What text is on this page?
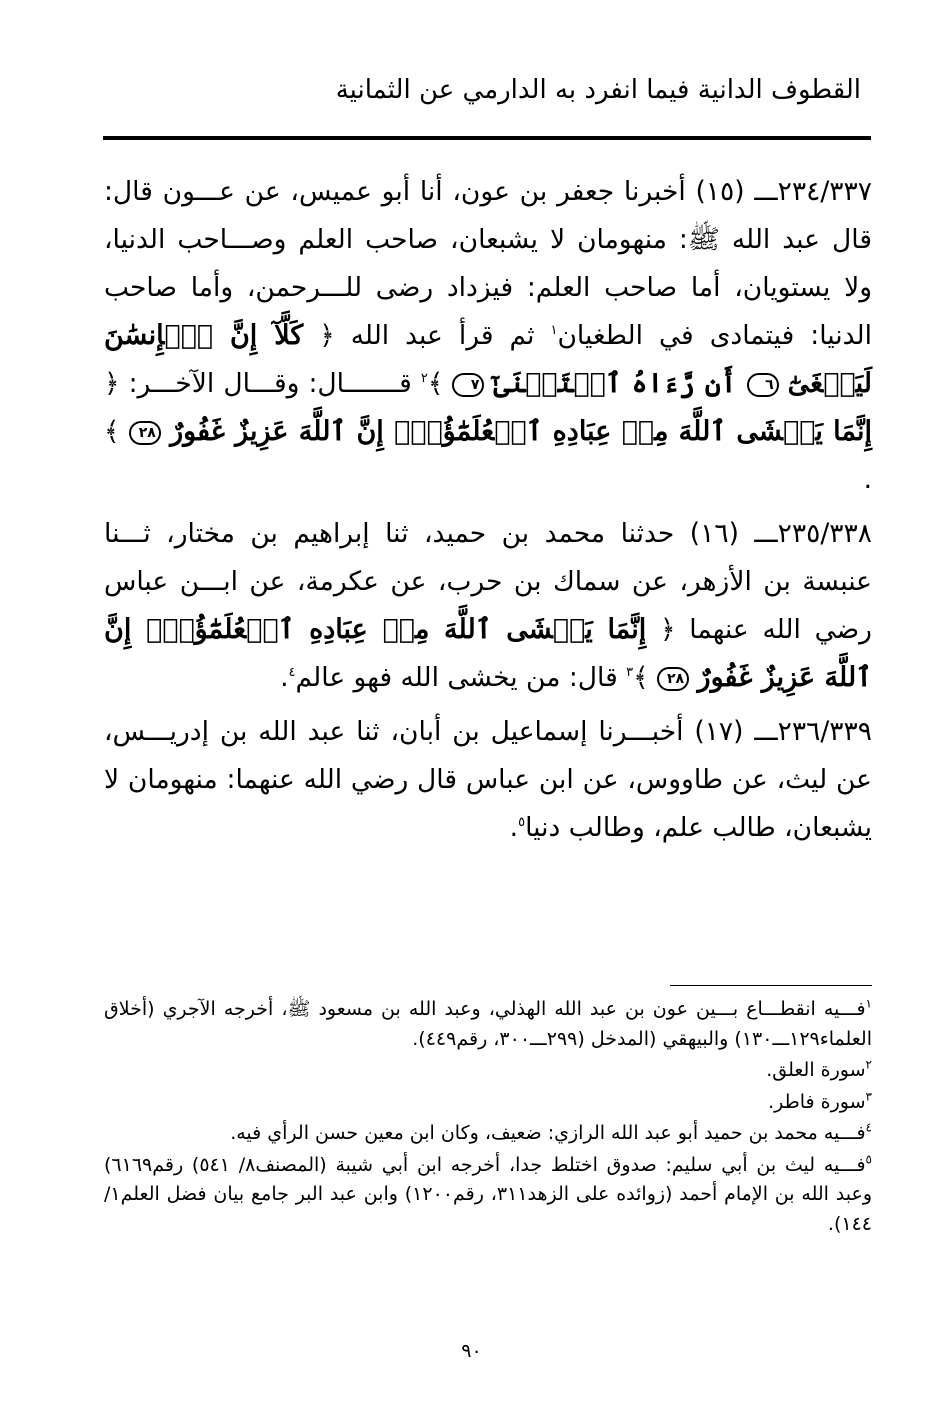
القطوف الدانية فيما انفرد به الدارمي عن الثمانية

٢٣٤/٣٣٧ـــ (١٥) أخبرنا جعفر بن عون، أنا أبو عميس، عن عـــون قال: قال عبد الله ﷺ: منهومان لا يشبعان، صاحب العلم وصـــاحب الدنيا، ولا يستويان، أما صاحب العلم: فيزداد رضى للـــرحمن، وأما صاحب الدنيا: فيتمادى في الطغيان$^١$ ثم قرأ عبد الله ﴿ كَلَّآ إِنَّ ٱلۡإِنسَٰنَ لَيَطۡغَىٰٓ ٦ أَن رَّءَاهُ ٱسۡتَغۡنَىٰٓ ٧ ﴾$^٢$ قـــــــال: وقـــال الآخـــر: ﴿ إِنَّمَا يَخۡشَى ٱللَّهَ مِنۡ عِبَادِهِ ٱلۡعُلَمَٰٓؤُاْۗ إِنَّ ٱللَّهَ عَزِيزٌ غَفُورٌ ٢٨ ﴾ .

٢٣٥/٣٣٨ـــ (١٦) حدثنا محمد بن حميد، ثنا إبراهيم بن مختار، ثـــنا عنبسة بن الأزهر، عن سماك بن حرب، عن عكرمة، عن ابـــن عباس رضي الله عنهما ﴿ إِنَّمَا يَخۡشَى ٱللَّهَ مِنۡ عِبَادِهِ ٱلۡعُلَمَٰٓؤُاْۗ إِنَّ ٱللَّهَ عَزِيزٌ غَفُورٌ ٢٨ ﴾$^٣$ قال: من يخشى الله فهو عالم$^٤$.

٢٣٦/٣٣٩ـــ (١٧) أخبـــرنا إسماعيل بن أبان، ثنا عبد الله بن إدريـــس، عن ليث، عن طاووس، عن ابن عباس قال رضي الله عنهما: منهومان لا يشبعان، طالب علم، وطالب دنيا$^٥$.

$^١$فـــيه انقطـــاع بـــين عون بن عبد الله الهذلي، وعبد الله بن مسعود ﷺ، أخرجه الآجري (أخلاق العلماء١٢٩ـــ١٣٠) والبيهقي (المدخل (٢٩٩ـــ٣٠٠، رقم٤٤٩).

$^٢$سورة العلق.

$^٣$سورة فاطر.

$^٤$فـــيه محمد بن حميد أبو عبد الله الرازي: ضعيف، وكان ابن معين حسن الرأي فيه.

$^٥$فـــيه ليث بن أبي سليم: صدوق اختلط جدا، أخرجه ابن أبي شيبة (المصنف٨/ ٥٤١) رقم٦١٦٩) وعبد الله بن الإمام أحمد (زوائده على الزهد٣١١، رقم١٢٠٠) وابن عبد البر جامع بيان فضل العلم١/ ١٤٤).

٩٠
